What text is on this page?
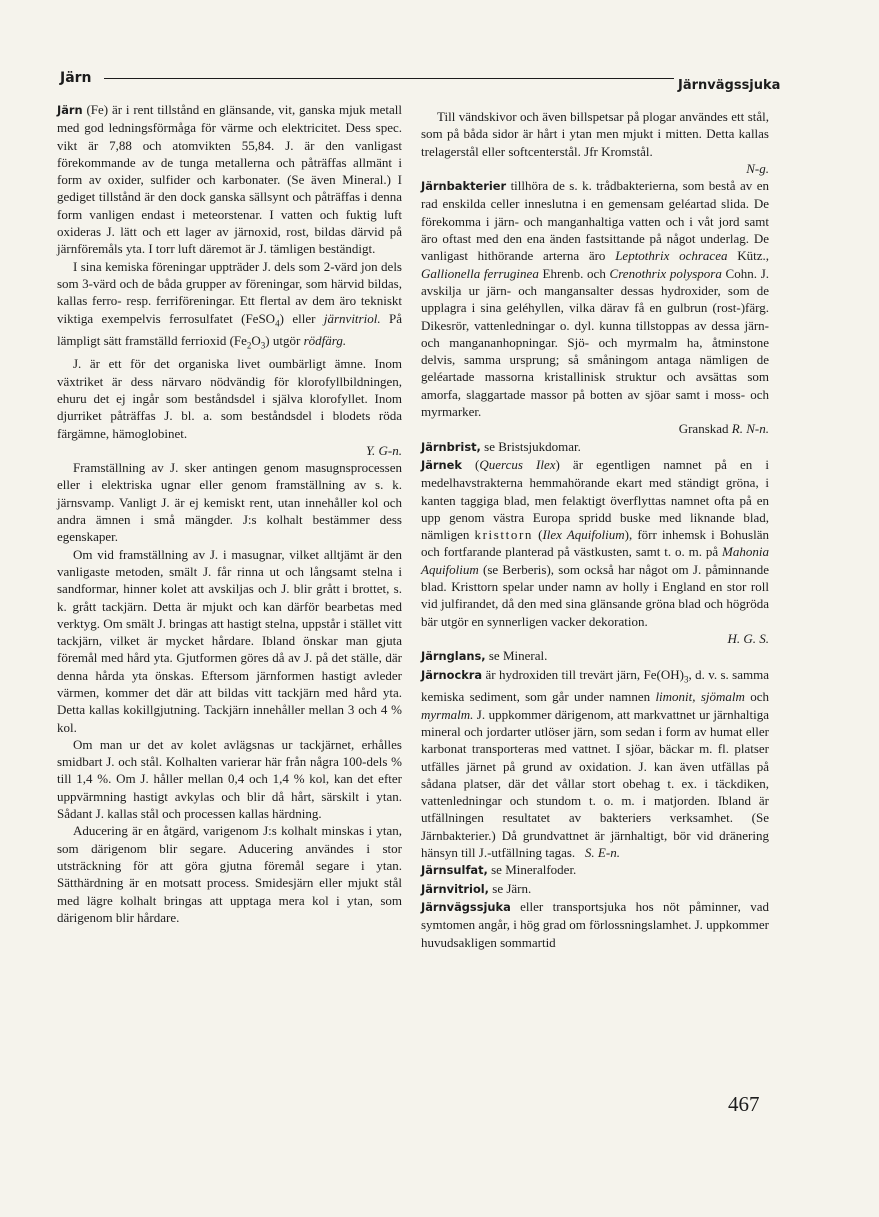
Järn	Järnvägssjuka

Järn (Fe) är i rent tillstånd en glänsande, vit, ganska mjuk metall med god ledningsförmåga för värme och elektricitet. Dess spec. vikt är 7,88 och atomvikten 55,84. J. är den vanligast förekommande av de tunga metallerna och påträffas allmänt i form av oxider, sulfider och karbonater. (Se även Mineral.) I gediget tillstånd är den dock ganska sällsynt och påträffas i denna form vanligen endast i meteorstenar. I vatten och fuktig luft oxideras J. lätt och ett lager av järnoxid, rost, bildas därvid på järnföremåls yta. I torr luft däremot är J. tämligen beständigt.

I sina kemiska föreningar uppträder J. dels som 2-värd jon dels som 3-värd och de båda grupper av föreningar, som härvid bildas, kallas ferro- resp. ferriföreningar. Ett flertal av dem äro tekniskt viktiga exempelvis ferrosulfatet (FeSO$_4$) eller järnvitriol. På lämpligt sätt framställd ferrioxid $(Fe_2O_3)$ utgör rödfärg.

J. är ett för det organiska livet oumbärligt ämne. Inom växtriket är dess närvaro nödvändig för klorofyllbildningen, ehuru det ej ingår som beståndsdel i själva klorofyllet. Inom djurriket påträffas J. bl. a. som beståndsdel i blodets röda färgämne, hämoglobinet.

Y. G-n.

Framställning av J. sker antingen genom masugnsprocessen eller i elektriska ugnar eller genom framställning av s. k. järnsvamp. Vanligt J. är ej kemiskt rent, utan innehåller kol och andra ämnen i små mängder. J:s kolhalt bestämmer dess egenskaper.

Om vid framställning av J. i masugnar, vilket alltjämt är den vanligaste metoden, smält J. får rinna ut och långsamt stelna i sandformar, hinner kolet att avskiljas och J. blir grått i brottet, s. k. grått tackjärn. Detta är mjukt och kan därför bearbetas med verktyg. Om smält J. bringas att hastigt stelna, uppstår i stället vitt tackjärn, vilket är mycket hårdare. Ibland önskar man gjuta föremål med hård yta. Gjutformen göres då av J. på det ställe, där denna hårda yta önskas. Eftersom järnformen hastigt avleder värmen, kommer det där att bildas vitt tackjärn med hård yta. Detta kallas kokillgjutning. Tackjärn innehåller mellan 3 och 4 % kol.

Om man ur det av kolet avlägsnas ur tackjärnet, erhålles smidbart J. och stål. Kolhalten varierar här från några 100-dels % till 1,4 %. Om J. håller mellan 0,4 och 1,4 % kol, kan det efter uppvärmning hastigt avkylas och blir då hårt, särskilt i ytan. Sådant J. kallas stål och processen kallas härdning.

Aducering är en åtgärd, varigenom J:s kolhalt minskas i ytan, som därigenom blir segare. Aducering användes i stor utsträckning för att göra gjutna föremål segare i ytan. Sätthärdning är en motsatt process. Smidesjärn eller mjukt stål med lägre kolhalt bringas att upptaga mera kol i ytan, som därigenom blir hårdare.

Till vändskivor och även billspetsar på plogar användes ett stål, som på båda sidor är hårt i ytan men mjukt i mitten. Detta kallas trelagerstål eller softcenterstål. Jfr Kromstål.

N-g.

Järnbakterier tillhöra de s. k. trådbakterierna, som bestå av en rad enskilda celler inneslutna i en gemensam geléartad slida. De förekomma i järn- och manganhaltiga vatten och i våt jord samt äro oftast med den ena änden fastsittande på något underlag. De vanligast hithörande arterna äro Leptothrix ochracea Kütz., Gallionella ferruginea Ehrenb. och Crenothrix polyspora Cohn. J. avskilja ur järn- och mangansalter dessas hydroxider, som de upplagra i sina geléhyllen, vilka därav få en gulbrun (rost-)färg. Dikesrör, vattenledningar o. dyl. kunna tillstoppas av dessa järn- och mangananhopningar. Sjö- och myrmalm ha, åtminstone delvis, samma ursprung; så småningom antaga nämligen de geléartade massorna kristallinisk struktur och avsättas som amorfa, slaggartade massor på botten av sjöar samt i moss- och myrmarker.

Granskad R. N-n.

Järnbrist, se Bristsjukdomar.

Järnek (Quercus Ilex) är egentligen namnet på en i medelhavstrakterna hemmahörande ekart med ständigt gröna, i kanten taggiga blad, men felaktigt överflyttas namnet ofta på en upp genom västra Europa spridd buske med liknande blad, nämligen kristtorn (Ilex Aquifolium), förr inhemsk i Bohuslän och fortfarande planterad på västkusten, samt t. o. m. på Mahonia Aquifolium (se Berberis), som också har något om J. påminnande blad. Kristtorn spelar under namn av holly i England en stor roll vid julfirandet, då den med sina glänsande gröna blad och högröda bär utgör en synnerligen vacker dekoration.

H. G. S.

Järnglans, se Mineral.

Järnockra är hydroxiden till trevärt järn, $Fe(OH)_3$, d. v. s. samma kemiska sediment, som går under namnen limonit, sjömalm och myrmalm. J. uppkommer därigenom, att markvattnet ur järnhaltiga mineral och jordarter utlöser järn, som sedan i form av humat eller karbonat transporteras med vattnet. I sjöar, bäckar m. fl. platser utfälles järnet på grund av oxidation. J. kan även utfällas på sådana platser, där det vållar stort obehag t. ex. i täckdiken, vattenledningar och stundom t. o. m. i matjorden. Ibland är utfällningen resultatet av bakteriers verksamhet. (Se Järnbakterier.) Då grundvattnet är järnhaltigt, bör vid dränering hänsyn till J.-utfällning tagas. S. E-n.

Järnsulfat, se Mineralfoder.

Järnvitriol, se Järn.

Järnvägssjuka eller transportsjuka hos nöt påminner, vad symtomen angår, i hög grad om förlossningslamhet. J. uppkommer huvudsakligen sommartid

467
